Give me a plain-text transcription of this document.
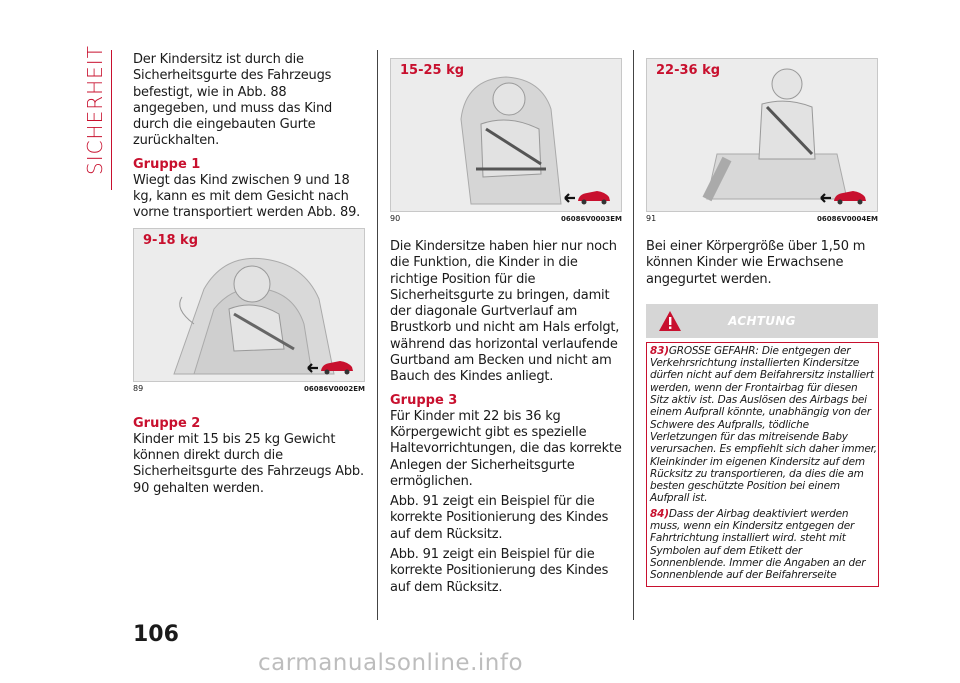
SICHERHEIT Der Kindersitz ist durch die Sicherheitsgurte des Fahrzeugs befestigt, wie in Abb. 88 angegeben, und muss das Kind durch die eingebauten Gurte zurückhalten.

Gruppe 1

Wiegt das Kind zwischen 9 und 18 kg, kann es mit dem Gesicht nach vorne transportiert werden Abb. 89.

9-18 kg
89	06086V0002EM
Gruppe 2

Kinder mit 15 bis 25 kg Gewicht können direkt durch die Sicherheitsgurte des Fahrzeugs Abb. 90 gehalten werden.

15-25 kg
90	06086V0003EM

Die Kindersitze haben hier nur noch die Funktion, die Kinder in die richtige Position für die Sicherheitsgurte zu bringen, damit der diagonale Gurtverlauf am Brustkorb und nicht am Hals erfolgt, während das horizontal verlaufende Gurtband am Becken und nicht am Bauch des Kindes anliegt.

Gruppe 3

Für Kinder mit 22 bis 36 kg Körpergewicht gibt es spezielle Haltevorrichtungen, die das korrekte Anlegen der Sicherheitsgurte ermöglichen.

Abb. 91 zeigt ein Beispiel für die korrekte Positionierung des Kindes auf dem Rücksitz.

Abb. 91 zeigt ein Beispiel für die korrekte Positionierung des Kindes auf dem Rücksitz.

22-36 kg
91	06086V0004EM

Bei einer Körpergröße über 1,50 m können Kinder wie Erwachsene angegurtet werden.

ACHTUNG

83)GROSSE GEFAHR: Die entgegen der Verkehrsrichtung installierten Kindersitze dürfen nicht auf dem Beifahrersitz installiert werden, wenn der Frontairbag für diesen Sitz aktiv ist. Das Auslösen des Airbags bei einem Aufprall könnte, unabhängig von der Schwere des Aufpralls, tödliche Verletzungen für das mitreisende Baby verursachen. Es empfiehlt sich daher immer, Kleinkinder im eigenen Kindersitz auf dem Rücksitz zu transportieren, da dies die am besten geschützte Position bei einem Aufprall ist.

84)Dass der Airbag deaktiviert werden muss, wenn ein Kindersitz entgegen der Fahrtrichtung installiert wird. steht mit Symbolen auf dem Etikett der Sonnenblende. Immer die Angaben an der Sonnenblende auf der Beifahrerseite

106
carmanualsonline.info
